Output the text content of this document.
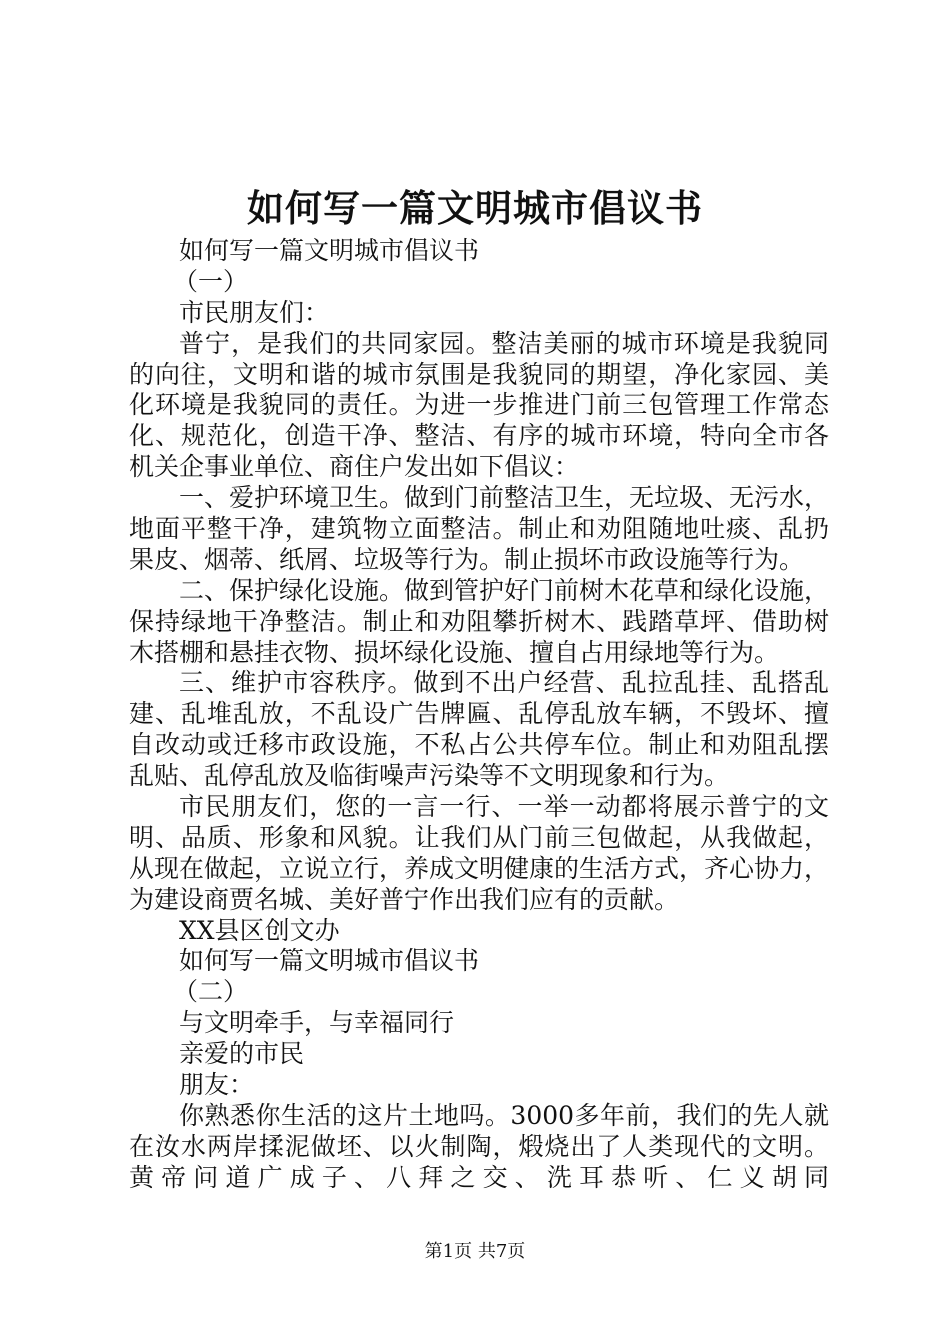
如何写一篇文明城市倡议书
如何写一篇文明城市倡议书
（一）
市民朋友们：
普宁，是我们的共同家园。整洁美丽的城市环境是我貌同
的向往，文明和谐的城市氛围是我貌同的期望，净化家园、美
化环境是我貌同的责任。为进一步推进门前三包管理工作常态
化、规范化，创造干净、整洁、有序的城市环境，特向全市各
机关企事业单位、商住户发出如下倡议：
一、爱护环境卫生。做到门前整洁卫生，无垃圾、无污水，
地面平整干净，建筑物立面整洁。制止和劝阻随地吐痰、乱扔
果皮、烟蒂、纸屑、垃圾等行为。制止损坏市政设施等行为。
二、保护绿化设施。做到管护好门前树木花草和绿化设施，
保持绿地干净整洁。制止和劝阻攀折树木、践踏草坪、借助树
木搭棚和悬挂衣物、损坏绿化设施、擅自占用绿地等行为。
三、维护市容秩序。做到不出户经营、乱拉乱挂、乱搭乱
建、乱堆乱放，不乱设广告牌匾、乱停乱放车辆，不毁坏、擅
自改动或迁移市政设施，不私占公共停车位。制止和劝阻乱摆
乱贴、乱停乱放及临街噪声污染等不文明现象和行为。
市民朋友们，您的一言一行、一举一动都将展示普宁的文
明、品质、形象和风貌。让我们从门前三包做起，从我做起，
从现在做起，立说立行，养成文明健康的生活方式，齐心协力，
为建设商贾名城、美好普宁作出我们应有的贡献。
XX县区创文办
如何写一篇文明城市倡议书
（二）
与文明牵手，与幸福同行
亲爱的市民
朋友：
你熟悉你生活的这片土地吗。3000多年前，我们的先人就
在汝水两岸揉泥做坯、以火制陶，煅烧出了人类现代的文明。
黄帝问道广成子、八拜之交、洗耳恭听、仁义胡同
第1页 共7页
